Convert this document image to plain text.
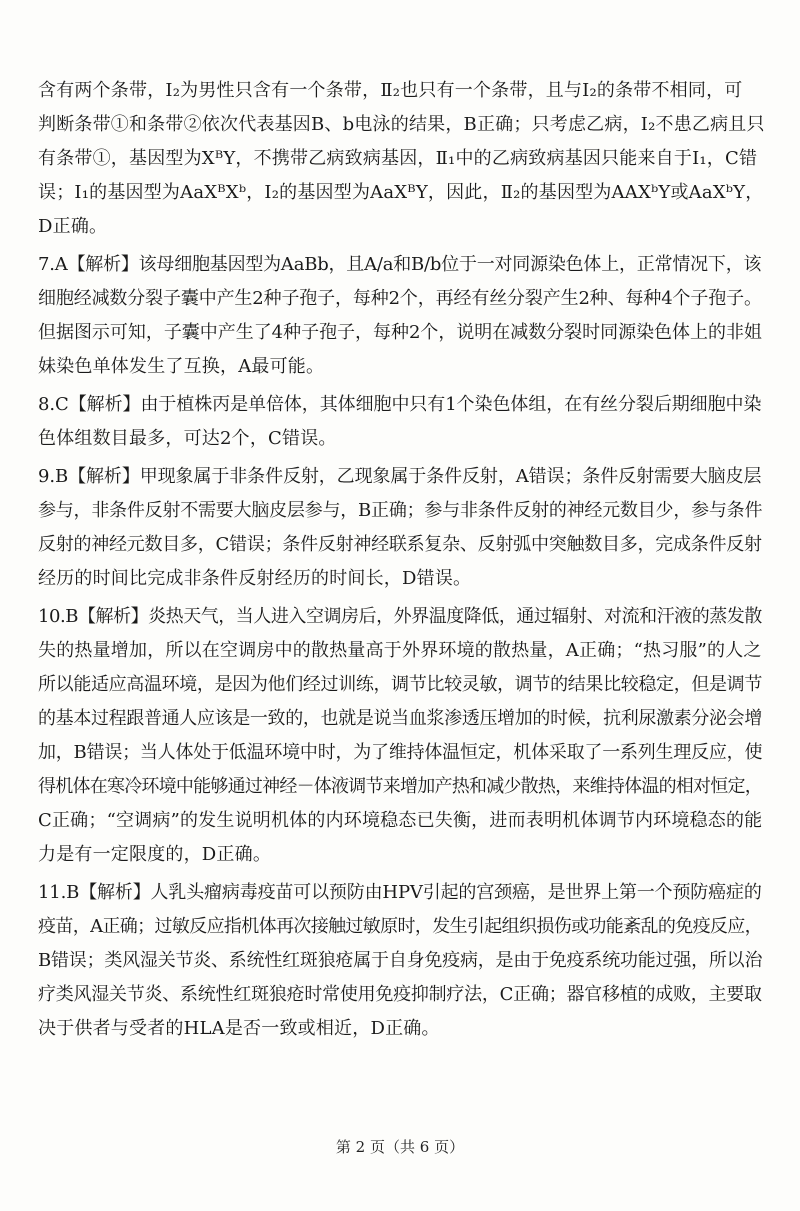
含有两个条带，Ⅰ₂为男性只含有一个条带，Ⅱ₂也只有一个条带，且与Ⅰ₂的条带不相同，可
判断条带①和条带②依次代表基因B、b电泳的结果，B正确；只考虑乙病，Ⅰ₂不患乙病且只
有条带①，基因型为XᴮY，不携带乙病致病基因，Ⅱ₁中的乙病致病基因只能来自于Ⅰ₁，C错
误；Ⅰ₁的基因型为AaXᴮXᵇ，Ⅰ₂的基因型为AaXᴮY，因此，Ⅱ₂的基因型为AAXᵇY或AaXᵇY，
D正确。

7.A【解析】该母细胞基因型为AaBb，且A/a和B/b位于一对同源染色体上，正常情况下，该
细胞经减数分裂子囊中产生2种子孢子，每种2个，再经有丝分裂产生2种、每种4个子孢子。
但据图示可知，子囊中产生了4种子孢子，每种2个，说明在减数分裂时同源染色体上的非姐
妹染色单体发生了互换，A最可能。

8.C【解析】由于植株丙是单倍体，其体细胞中只有1个染色体组，在有丝分裂后期细胞中染
色体组数目最多，可达2个，C错误。

9.B【解析】甲现象属于非条件反射，乙现象属于条件反射，A错误；条件反射需要大脑皮层
参与，非条件反射不需要大脑皮层参与，B正确；参与非条件反射的神经元数目少，参与条件
反射的神经元数目多，C错误；条件反射神经联系复杂、反射弧中突触数目多，完成条件反射
经历的时间比完成非条件反射经历的时间长，D错误。

10.B【解析】炎热天气，当人进入空调房后，外界温度降低，通过辐射、对流和汗液的蒸发散
失的热量增加，所以在空调房中的散热量高于外界环境的散热量，A正确；“热习服”的人之
所以能适应高温环境，是因为他们经过训练，调节比较灵敏，调节的结果比较稳定，但是调节
的基本过程跟普通人应该是一致的，也就是说当血浆渗透压增加的时候，抗利尿激素分泌会增
加，B错误；当人体处于低温环境中时，为了维持体温恒定，机体采取了一系列生理反应，使
得机体在寒冷环境中能够通过神经－体液调节来增加产热和减少散热，来维持体温的相对恒定，
C正确；“空调病”的发生说明机体的内环境稳态已失衡，进而表明机体调节内环境稳态的能
力是有一定限度的，D正确。

11.B【解析】人乳头瘤病毒疫苗可以预防由HPV引起的宫颈癌，是世界上第一个预防癌症的
疫苗，A正确；过敏反应指机体再次接触过敏原时，发生引起组织损伤或功能紊乱的免疫反应，
B错误；类风湿关节炎、系统性红斑狼疮属于自身免疫病，是由于免疫系统功能过强，所以治
疗类风湿关节炎、系统性红斑狼疮时常使用免疫抑制疗法，C正确；器官移植的成败，主要取
决于供者与受者的HLA是否一致或相近，D正确。

第 2 页（共 6 页）
